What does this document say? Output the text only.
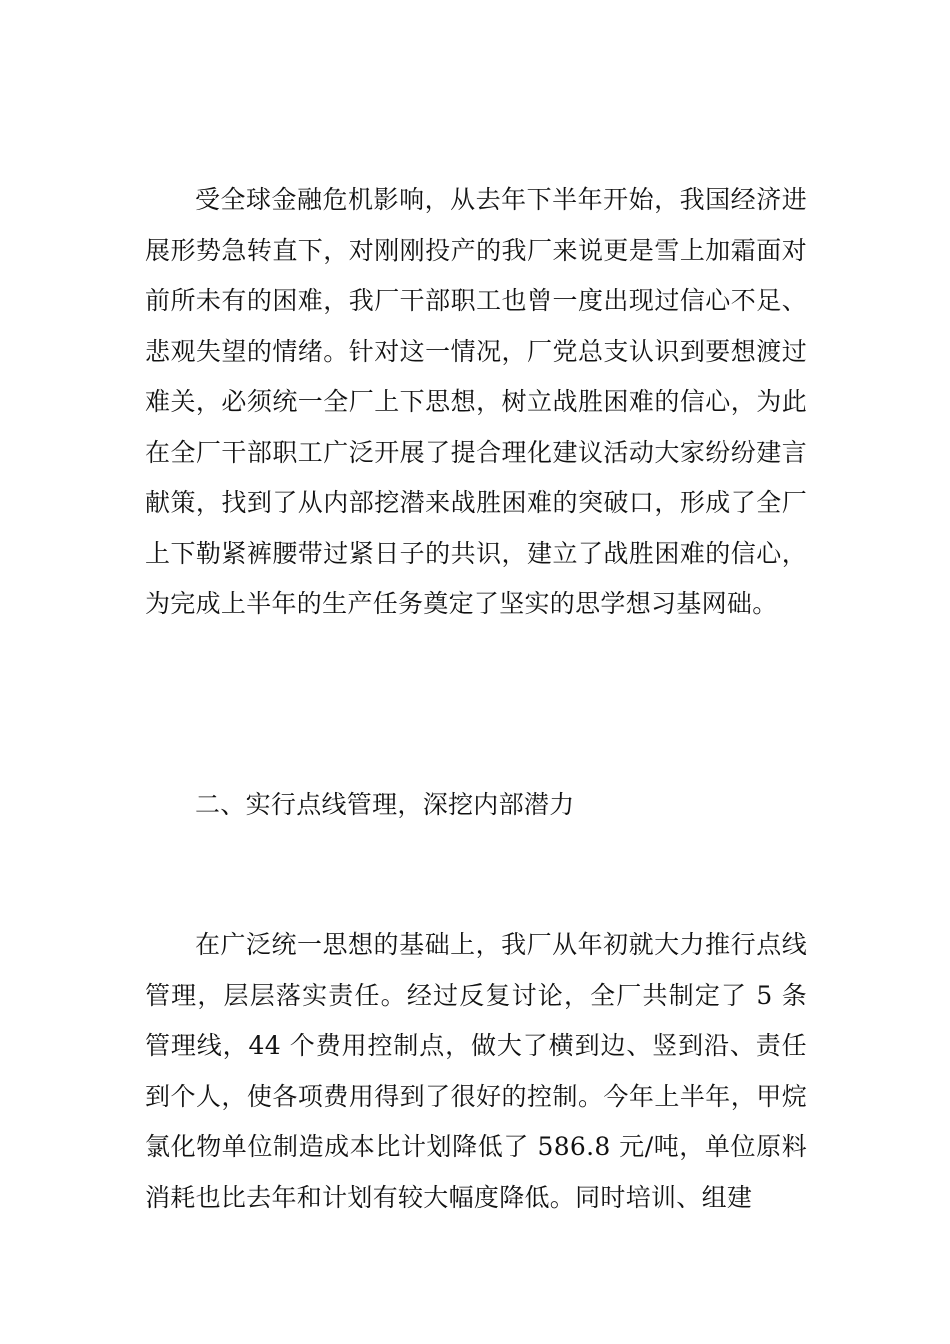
受全球金融危机影响，从去年下半年开始，我国经济进展形势急转直下，对刚刚投产的我厂来说更是雪上加霜面对前所未有的困难，我厂干部职工也曾一度出现过信心不足、悲观失望的情绪。针对这一情况，厂党总支认识到要想渡过难关，必须统一全厂上下思想，树立战胜困难的信心，为此在全厂干部职工广泛开展了提合理化建议活动大家纷纷建言献策，找到了从内部挖潜来战胜困难的突破口，形成了全厂上下勒紧裤腰带过紧日子的共识，建立了战胜困难的信心，为完成上半年的生产任务奠定了坚实的思学想习基网础。

二、实行点线管理，深挖内部潜力

在广泛统一思想的基础上，我厂从年初就大力推行点线管理，层层落实责任。经过反复讨论，全厂共制定了 5 条管理线，44 个费用控制点，做大了横到边、竖到沿、责任到个人，使各项费用得到了很好的控制。今年上半年，甲烷氯化物单位制造成本比计划降低了 586.8 元/吨，单位原料消耗也比去年和计划有较大幅度降低。同时培训、组建
